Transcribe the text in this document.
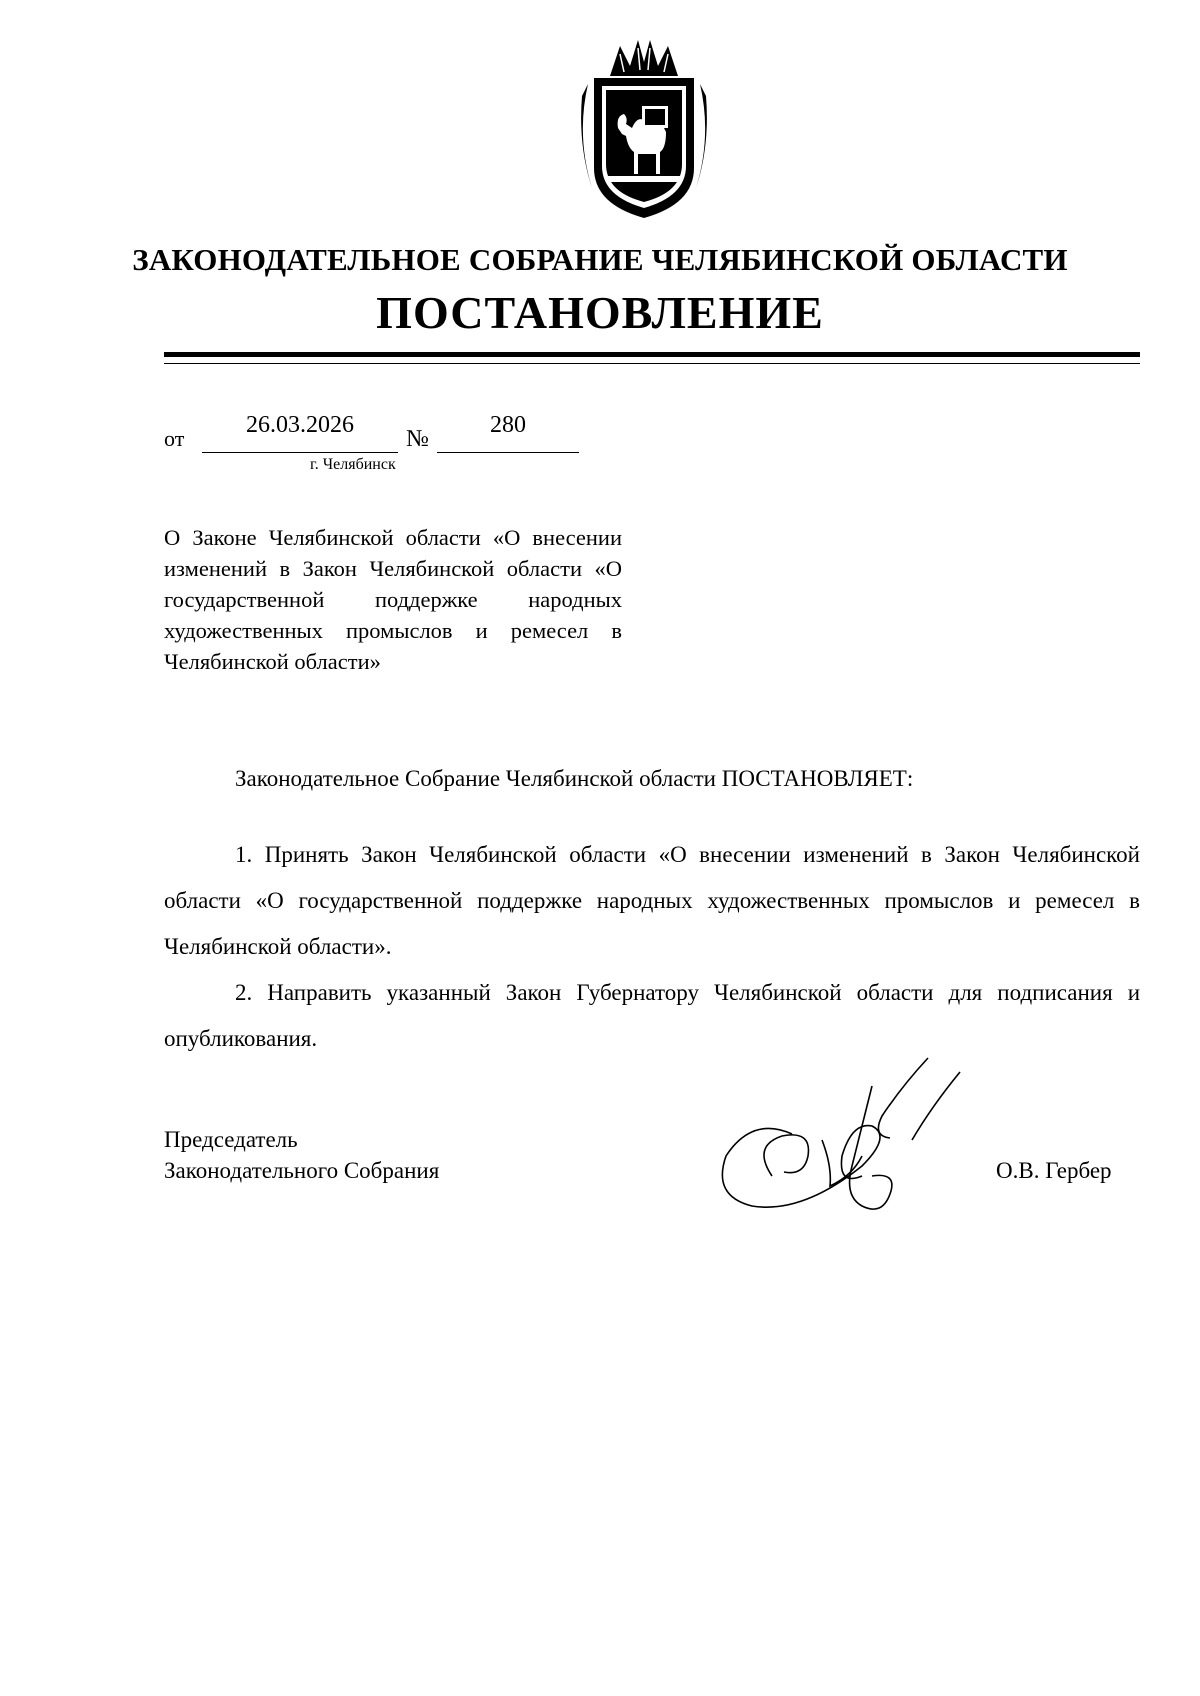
ЗАКОНОДАТЕЛЬНОЕ СОБРАНИЕ ЧЕЛЯБИНСКОЙ ОБЛАСТИ
ПОСТАНОВЛЕНИЕ
от
26.03.2026
№
280
г. Челябинск
О Законе Челябинской области «О внесении изменений в Закон Челябинской области «О государственной поддержке народных художественных промыслов и ремесел в Челябинской области»
Законодательное Собрание Челябинской области ПОСТАНОВЛЯЕТ:
1. Принять Закон Челябинской области «О внесении изменений в Закон Челябинской области «О государственной поддержке народных художественных промыслов и ремесел в Челябинской области».
2. Направить указанный Закон Губернатору Челябинской области для подписания и опубликования.
Председатель
Законодательного Собрания	О.В. Гербер
